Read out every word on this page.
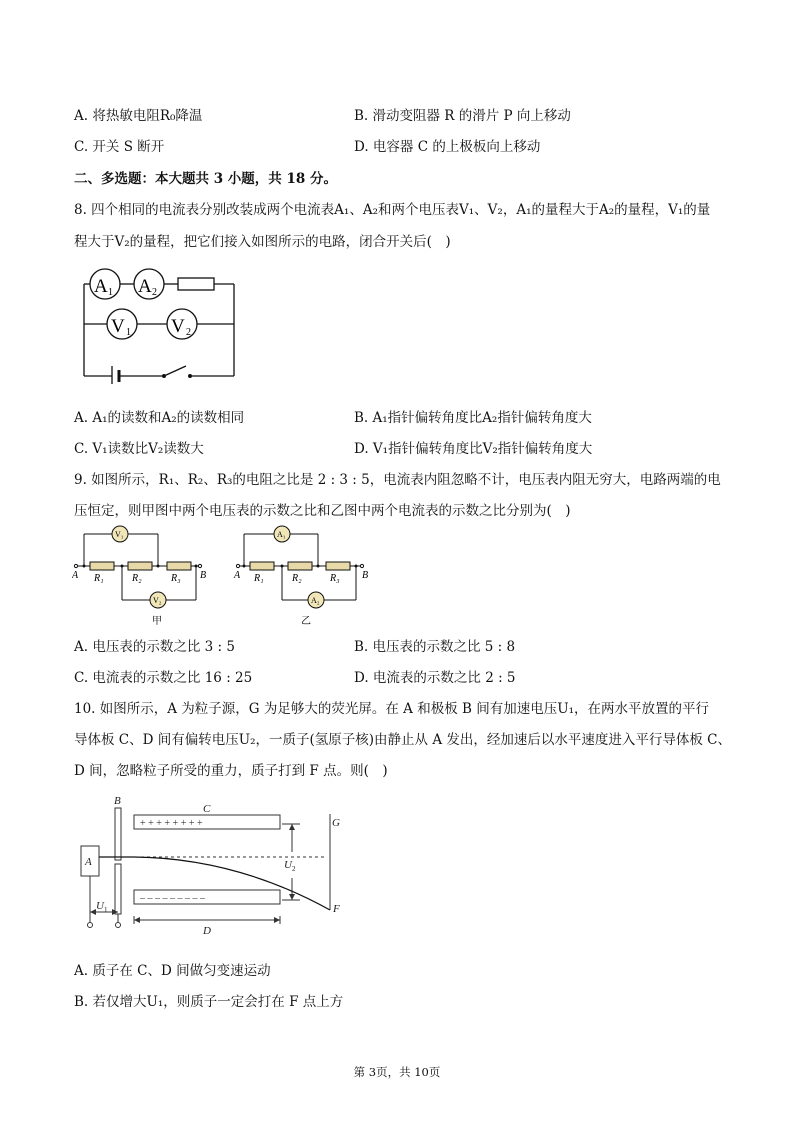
A. 将热敏电阻R₀降温	B. 滑动变阻器 R 的滑片 P 向上移动
C. 开关 S 断开	D. 电容器 C 的上极板向上移动
二、多选题：本大题共 3 小题，共 18 分。
8. 四个相同的电流表分别改装成两个电流表A₁、A₂和两个电压表V₁、V₂，A₁的量程大于A₂的量程，V₁的量
程大于V₂的量程，把它们接入如图所示的电路，闭合开关后(　)
A 1 A 2
V 1 V 2
A. A₁的读数和A₂的读数相同	B. A₁指针偏转角度比A₂指针偏转角度大
C. V₁读数比V₂读数大	D. V₁指针偏转角度比V₂指针偏转角度大
9. 如图所示，R₁、R₂、R₃的电阻之比是 2 : 3 : 5，电流表内阻忽略不计，电压表内阻无穷大，电路两端的电
压恒定，则甲图中两个电压表的示数之比和乙图中两个电流表的示数之比分别为(　)
A	B
R₁	R₂	R₃	A	B
R₁	R₂	R₃
V₁
V₂
A₁
A₂
甲	乙
A. 电压表的示数之比 3 : 5	B. 电压表的示数之比 5 : 8
C. 电流表的示数之比 16 : 25	D. 电流表的示数之比 2 : 5
10. 如图所示，A 为粒子源，G 为足够大的荧光屏。在 A 和极板 B 间有加速电压U₁，在两水平放置的平行
导体板 C、D 间有偏转电压U₂，一质子(氢原子核)由静止从 A 发出，经加速后以水平速度进入平行导体板 C、
D 间，忽略粒子所受的重力，质子打到 F 点。则(　)
B
C
G
F
A
D
U 1
U 2
+ + + + + + + +
– – – – – – – – –
A. 质子在 C、D 间做匀变速运动
B. 若仅增大U₁，则质子一定会打在 F 点上方
第 3页，共 10页
